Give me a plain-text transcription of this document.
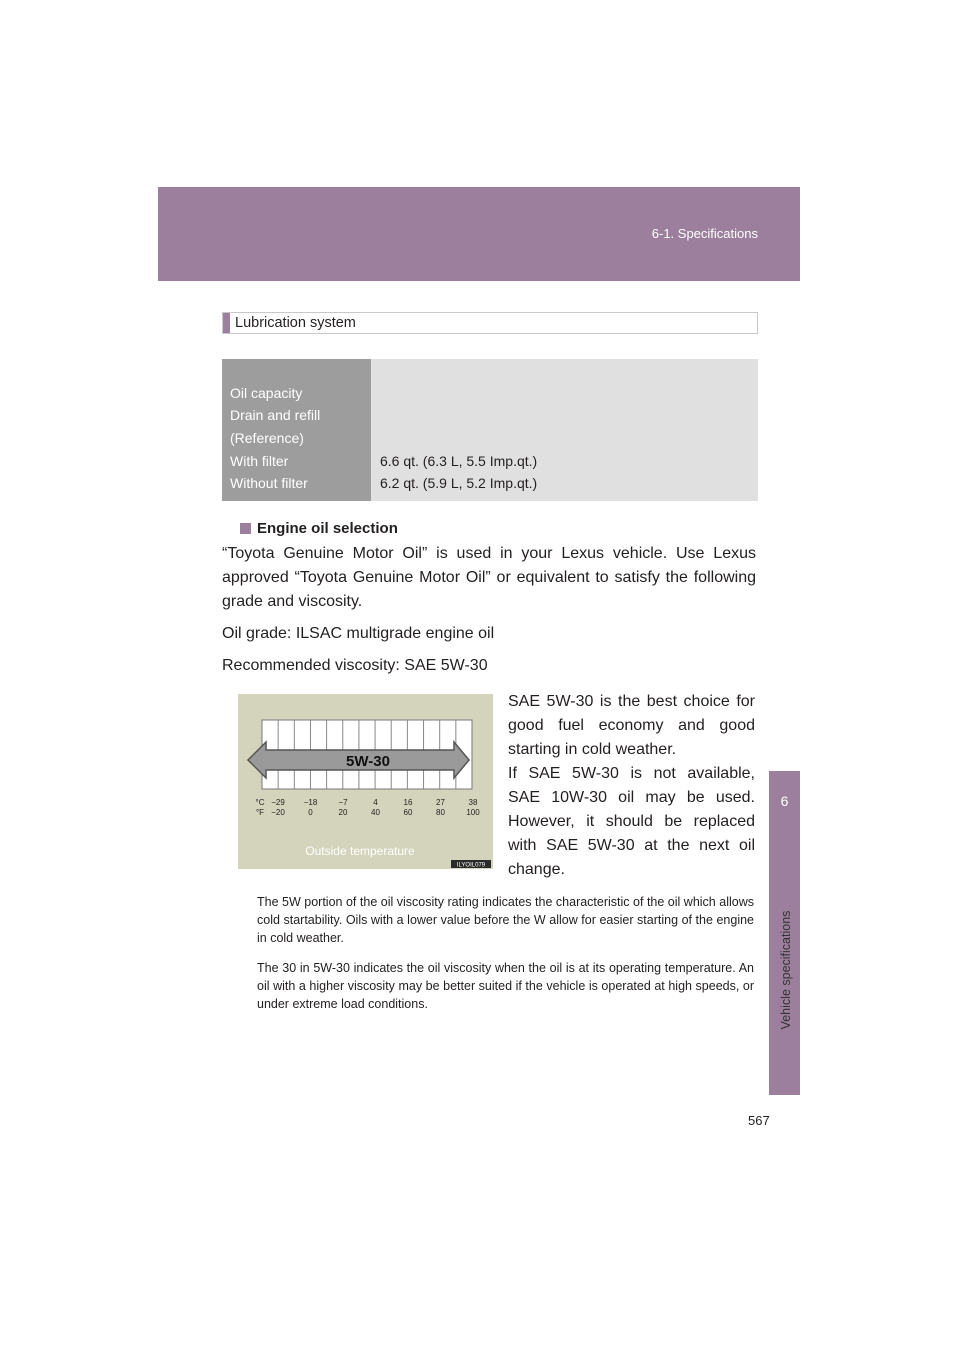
6-1. Specifications
6
Vehicle specifications
Lubrication system
Oil capacity
Drain and refill
(Reference)
With filter
Without filter
6.6 qt. (6.3 L, 5.5 Imp.qt.)
6.2 qt. (5.9 L, 5.2 Imp.qt.)
Engine oil selection
“Toyota Genuine Motor Oil” is used in your Lexus vehicle. Use Lexus approved “Toyota Genuine Motor Oil” or equivalent to satisfy the following grade and viscosity.
Oil grade: ILSAC multigrade engine oil
Recommended viscosity: SAE 5W-30
5W-30
°C
°F
−29
−20
−18
0
−7
20
4
40
16
60
27
80
38
100
Outside temperature
ILYOIL079
SAE 5W-30 is the best choice for good fuel economy and good starting in cold weather.
If SAE 5W-30 is not available, SAE 10W-30 oil may be used. However, it should be replaced with SAE 5W-30 at the next oil change.
The 5W portion of the oil viscosity rating indicates the characteristic of the oil which allows cold startability. Oils with a lower value before the W allow for easier starting of the engine in cold weather.
The 30 in 5W-30 indicates the oil viscosity when the oil is at its operating temperature. An oil with a higher viscosity may be better suited if the vehicle is operated at high speeds, or under extreme load conditions.
567
